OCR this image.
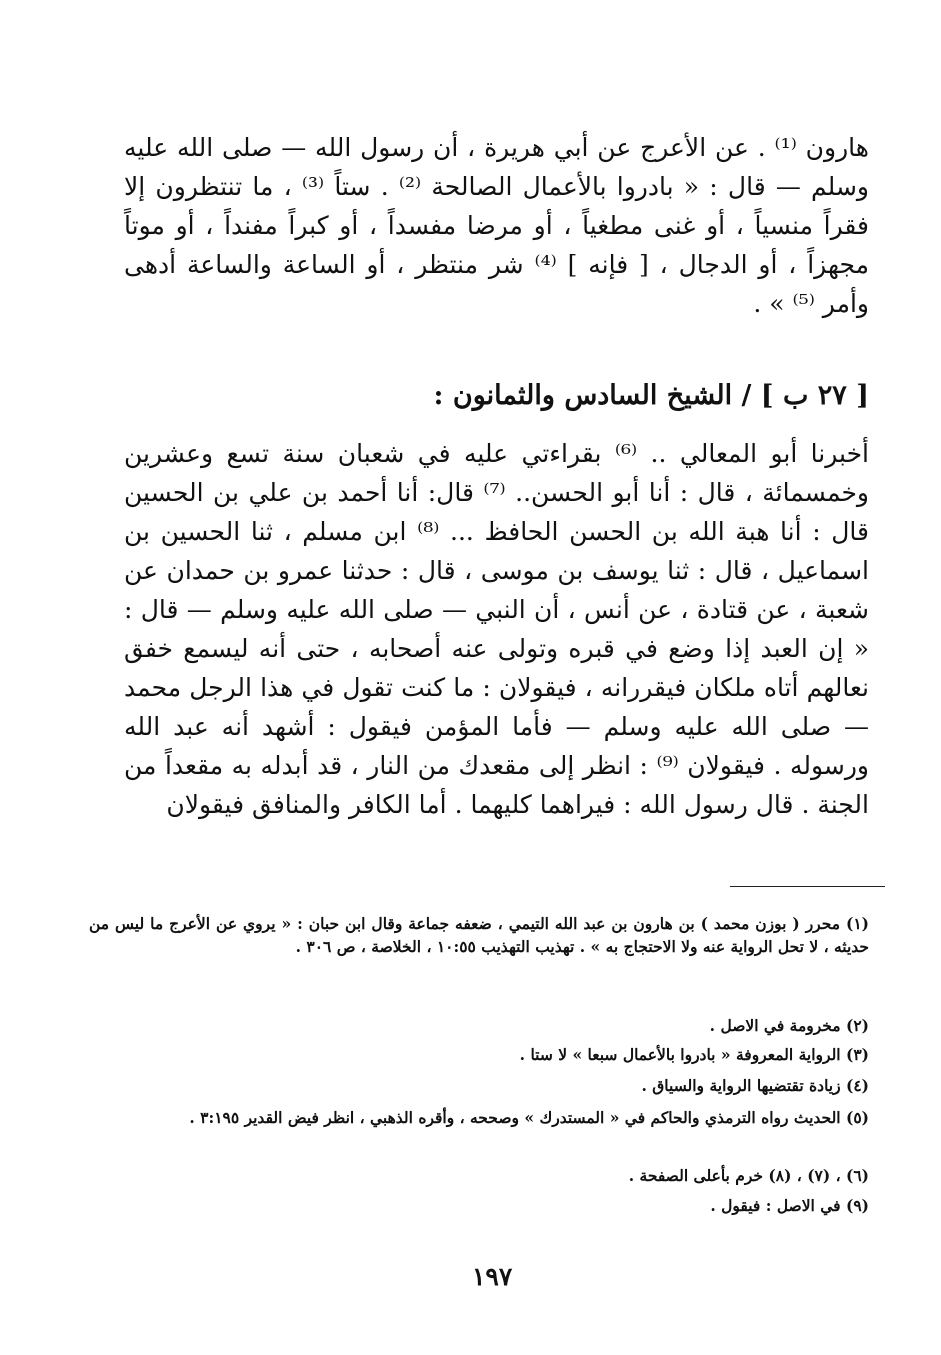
هارون ⁽¹⁾ . عن الأعرج عن أبي هريرة ، أن رسول الله — صلى الله عليه وسلم — قال : « بادروا بالأعمال الصالحة ⁽²⁾ . ستاً ⁽³⁾ ، ما تنتظرون إلا فقراً منسياً ، أو غنى مطغياً ، أو مرضا مفسداً ، أو كبراً مفنداً ، أو موتاً مجهزاً ، أو الدجال ، [ فإنه ] ⁽⁴⁾ شر منتظر ، أو الساعة والساعة أدهى وأمر ⁽⁵⁾ » .

[ ٢٧ ب ] / الشيخ السادس والثمانون :

أخبرنا أبو المعالي .. ⁽⁶⁾ بقراءتي عليه في شعبان سنة تسع وعشرين وخمسمائة ، قال : أنا أبو الحسن.. ⁽⁷⁾ قال: أنا أحمد بن علي بن الحسين قال : أنا هبة الله بن الحسن الحافظ ... ⁽⁸⁾ ابن مسلم ، ثنا الحسين بن اسماعيل ، قال : ثنا يوسف بن موسى ، قال : حدثنا عمرو بن حمدان عن شعبة ، عن قتادة ، عن أنس ، أن النبي — صلى الله عليه وسلم — قال : « إن العبد إذا وضع في قبره وتولى عنه أصحابه ، حتى أنه ليسمع خفق نعالهم أتاه ملكان فيقررانه ، فيقولان : ما كنت تقول في هذا الرجل محمد — صلى الله عليه وسلم — فأما المؤمن فيقول : أشهد أنه عبد الله ورسوله . فيقولان ⁽⁹⁾ : انظر إلى مقعدك من النار ، قد أبدله به مقعداً من الجنة . قال رسول الله : فيراهما كليهما . أما الكافر والمنافق فيقولان

(١) محرر ( بوزن محمد ) بن هارون بن عبد الله التيمي ، ضعفه جماعة وقال ابن حبان : « يروي عن الأعرج ما ليس من حديثه ، لا تحل الرواية عنه ولا الاحتجاج به » . تهذيب التهذيب ١٠:٥٥ ، الخلاصة ، ص ٣٠٦ .

(٢) مخرومة في الاصل .

(٣) الرواية المعروفة « بادروا بالأعمال سبعا » لا ستا .

(٤) زيادة تقتضيها الرواية والسياق .

(٥) الحديث رواه الترمذي والحاكم في « المستدرك » وصححه ، وأقره الذهبي ، انظر فيض القدير ٣:١٩٥ .

(٦) ، (٧) ، (٨) خرم بأعلى الصفحة .

(٩) في الاصل : فيقول .

١٩٧
